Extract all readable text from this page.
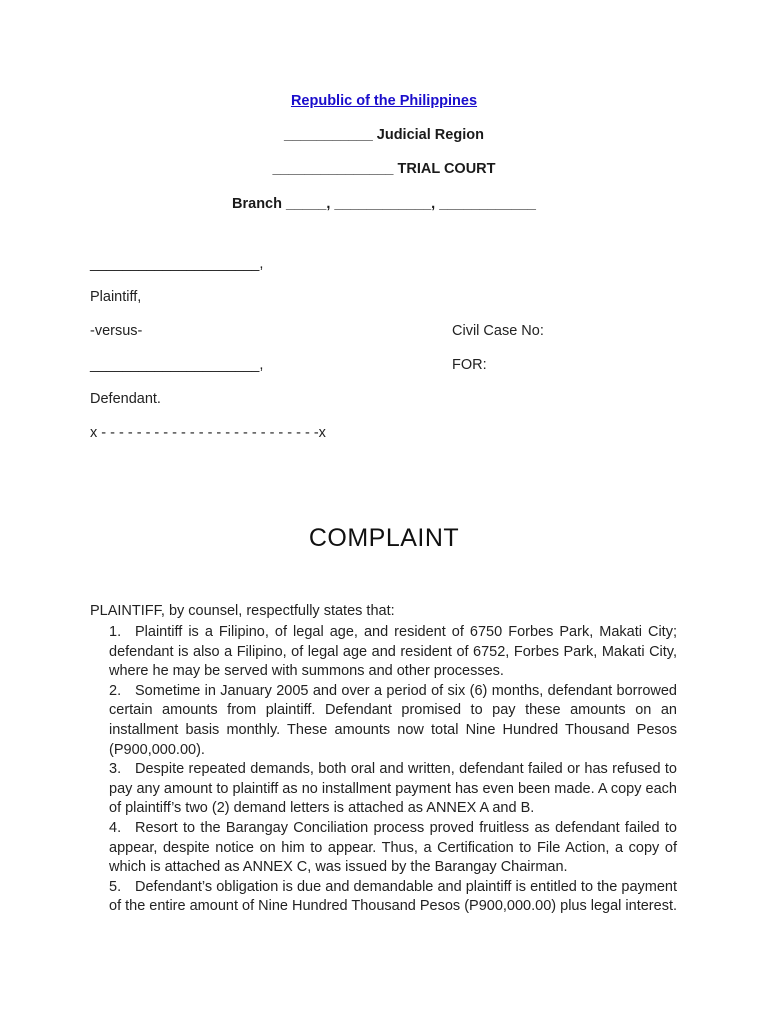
Republic of the Philippines
___________ Judicial Region
_______________ TRIAL COURT
Branch _____, ____________, ____________
_____________________,
Plaintiff,
-versus-
_____________________,
Defendant.
x - - - - - - - - - - - - - - - - - - - - - - - - -x
Civil Case No:
FOR:
COMPLAINT
PLAINTIFF, by counsel, respectfully states that:
1. Plaintiff is a Filipino, of legal age, and resident of 6750 Forbes Park, Makati City; defendant is also a Filipino, of legal age and resident of 6752, Forbes Park, Makati City, where he may be served with summons and other processes.
2. Sometime in January 2005 and over a period of six (6) months, defendant borrowed certain amounts from plaintiff. Defendant promised to pay these amounts on an installment basis monthly. These amounts now total Nine Hundred Thousand Pesos (P900,000.00).
3. Despite repeated demands, both oral and written, defendant failed or has refused to pay any amount to plaintiff as no installment payment has even been made. A copy each of plaintiff’s two (2) demand letters is attached as ANNEX A and B.
4. Resort to the Barangay Conciliation process proved fruitless as defendant failed to appear, despite notice on him to appear. Thus, a Certification to File Action, a copy of which is attached as ANNEX C, was issued by the Barangay Chairman.
5. Defendant’s obligation is due and demandable and plaintiff is entitled to the payment of the entire amount of Nine Hundred Thousand Pesos (P900,000.00) plus legal interest.
